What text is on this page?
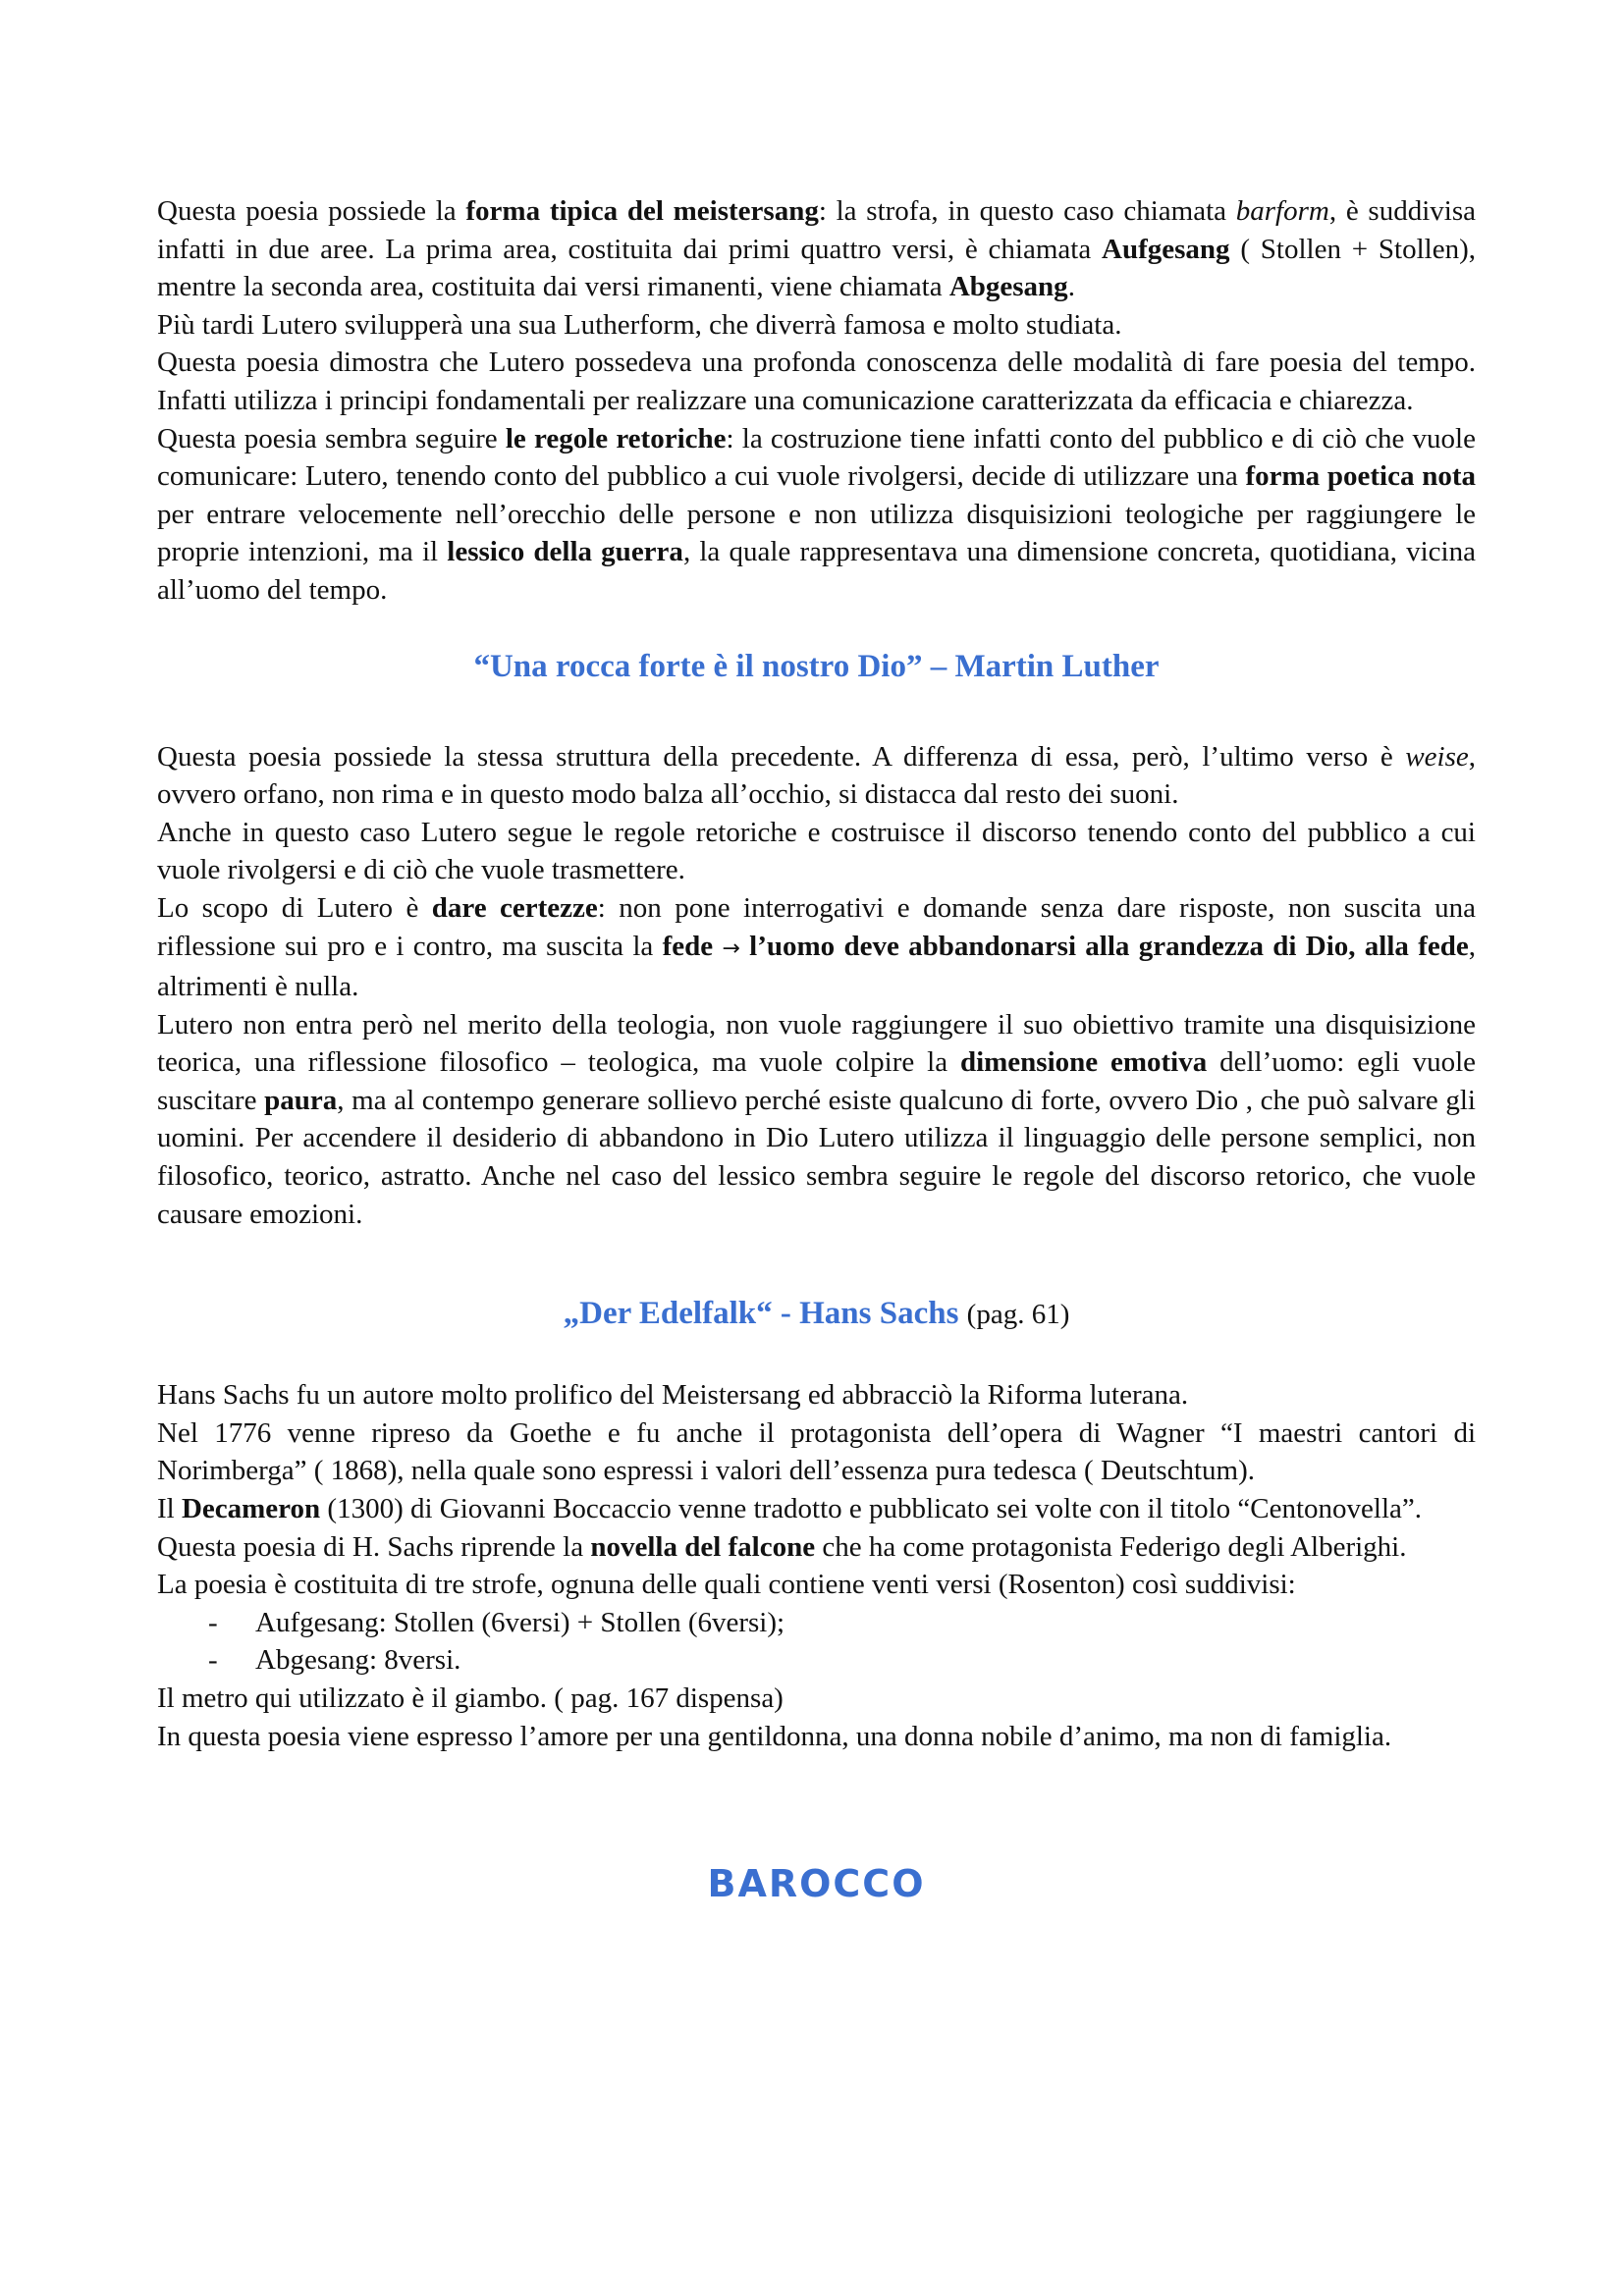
Questa poesia possiede la forma tipica del meistersang: la strofa, in questo caso chiamata barform, è suddivisa infatti in due aree. La prima area, costituita dai primi quattro versi, è chiamata Aufgesang ( Stollen + Stollen), mentre la seconda area, costituita dai versi rimanenti, viene chiamata Abgesang.

Più tardi Lutero svilupperà una sua Lutherform, che diverrà famosa e molto studiata.

Questa poesia dimostra che Lutero possedeva una profonda conoscenza delle modalità di fare poesia del tempo. Infatti utilizza i principi fondamentali per realizzare una comunicazione caratterizzata da efficacia e chiarezza.

Questa poesia sembra seguire le regole retoriche: la costruzione tiene infatti conto del pubblico e di ciò che vuole comunicare: Lutero, tenendo conto del pubblico a cui vuole rivolgersi, decide di utilizzare una forma poetica nota per entrare velocemente nell’orecchio delle persone e non utilizza disquisizioni teologiche per raggiungere le proprie intenzioni, ma il lessico della guerra, la quale rappresentava una dimensione concreta, quotidiana, vicina all’uomo del tempo.

“Una rocca forte è il nostro Dio” – Martin Luther

Questa poesia possiede la stessa struttura della precedente. A differenza di essa, però, l’ultimo verso è weise, ovvero orfano, non rima e in questo modo balza all’occhio, si distacca dal resto dei suoni.

Anche in questo caso Lutero segue le regole retoriche e costruisce il discorso tenendo conto del pubblico a cui vuole rivolgersi e di ciò che vuole trasmettere.

Lo scopo di Lutero è dare certezze: non pone interrogativi e domande senza dare risposte, non suscita una riflessione sui pro e i contro, ma suscita la fede → l’uomo deve abbandonarsi alla grandezza di Dio, alla fede, altrimenti è nulla.

Lutero non entra però nel merito della teologia, non vuole raggiungere il suo obiettivo tramite una disquisizione teorica, una riflessione filosofico – teologica, ma vuole colpire la dimensione emotiva dell’uomo: egli vuole suscitare paura, ma al contempo generare sollievo perché esiste qualcuno di forte, ovvero Dio , che può salvare gli uomini. Per accendere il desiderio di abbandono in Dio Lutero utilizza il linguaggio delle persone semplici, non filosofico, teorico, astratto. Anche nel caso del lessico sembra seguire le regole del discorso retorico, che vuole causare emozioni.

„Der Edelfalk“ - Hans Sachs (pag. 61)

Hans Sachs fu un autore molto prolifico del Meistersang ed abbracciò la Riforma luterana.

Nel 1776 venne ripreso da Goethe e fu anche il protagonista dell’opera di Wagner “I maestri cantori di Norimberga” ( 1868), nella quale sono espressi i valori dell’essenza pura tedesca ( Deutschtum).

Il Decameron (1300) di Giovanni Boccaccio venne tradotto e pubblicato sei volte con il titolo “Centonovella”.

Questa poesia di H. Sachs riprende la novella del falcone che ha come protagonista Federigo degli Alberighi.

La poesia è costituita di tre strofe, ognuna delle quali contiene venti versi (Rosenton) così suddivisi:

- Aufgesang: Stollen (6versi) + Stollen (6versi);
- Abgesang: 8versi.

Il metro qui utilizzato è il giambo. ( pag. 167 dispensa)

In questa poesia viene espresso l’amore per una gentildonna, una donna nobile d’animo, ma non di famiglia.

BAROCCO
